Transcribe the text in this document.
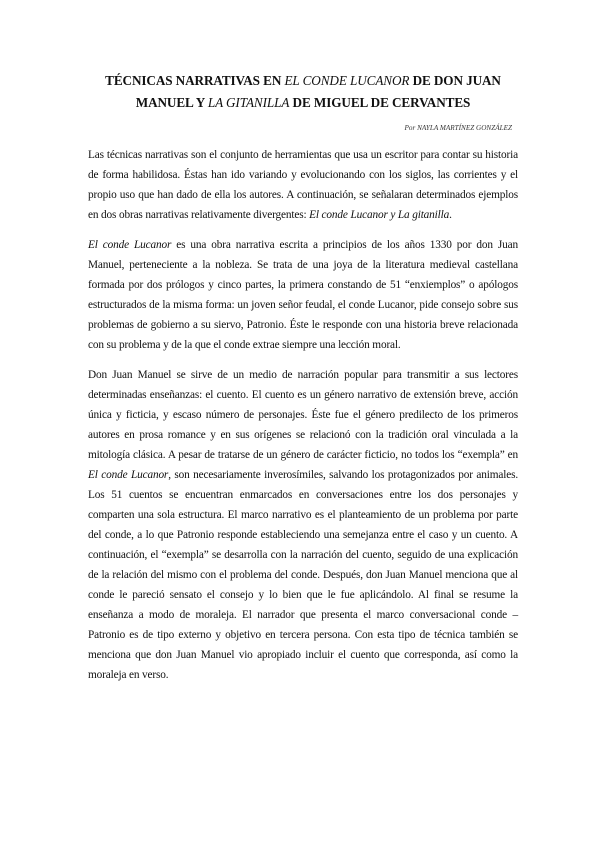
TÉCNICAS NARRATIVAS EN EL CONDE LUCANOR DE DON JUAN MANUEL Y LA GITANILLA DE MIGUEL DE CERVANTES
Por NAYLA MARTÍNEZ GONZÁLEZ

Las técnicas narrativas son el conjunto de herramientas que usa un escritor para contar su historia de forma habilidosa. Éstas han ido variando y evolucionando con los siglos, las corrientes y el propio uso que han dado de ella los autores. A continuación, se señalaran determinados ejemplos en dos obras narrativas relativamente divergentes: El conde Lucanor y La gitanilla.

El conde Lucanor es una obra narrativa escrita a principios de los años 1330 por don Juan Manuel, perteneciente a la nobleza. Se trata de una joya de la literatura medieval castellana formada por dos prólogos y cinco partes, la primera constando de 51 “enxiemplos” o apólogos estructurados de la misma forma: un joven señor feudal, el conde Lucanor, pide consejo sobre sus problemas de gobierno a su siervo, Patronio. Éste le responde con una historia breve relacionada con su problema y de la que el conde extrae siempre una lección moral.

Don Juan Manuel se sirve de un medio de narración popular para transmitir a sus lectores determinadas enseñanzas: el cuento. El cuento es un género narrativo de extensión breve, acción única y ficticia, y escaso número de personajes. Éste fue el género predilecto de los primeros autores en prosa romance y en sus orígenes se relacionó con la tradición oral vinculada a la mitología clásica. A pesar de tratarse de un género de carácter ficticio, no todos los “exempla” en El conde Lucanor, son necesariamente inverosímiles, salvando los protagonizados por animales. Los 51 cuentos se encuentran enmarcados en conversaciones entre los dos personajes y comparten una sola estructura. El marco narrativo es el planteamiento de un problema por parte del conde, a lo que Patronio responde estableciendo una semejanza entre el caso y un cuento. A continuación, el “exempla” se desarrolla con la narración del cuento, seguido de una explicación de la relación del mismo con el problema del conde. Después, don Juan Manuel menciona que al conde le pareció sensato el consejo y lo bien que le fue aplicándolo. Al final se resume la enseñanza a modo de moraleja. El narrador que presenta el marco conversacional conde – Patronio es de tipo externo y objetivo en tercera persona. Con esta tipo de técnica también se menciona que don Juan Manuel vio apropiado incluir el cuento que corresponda, así como la moraleja en verso.
